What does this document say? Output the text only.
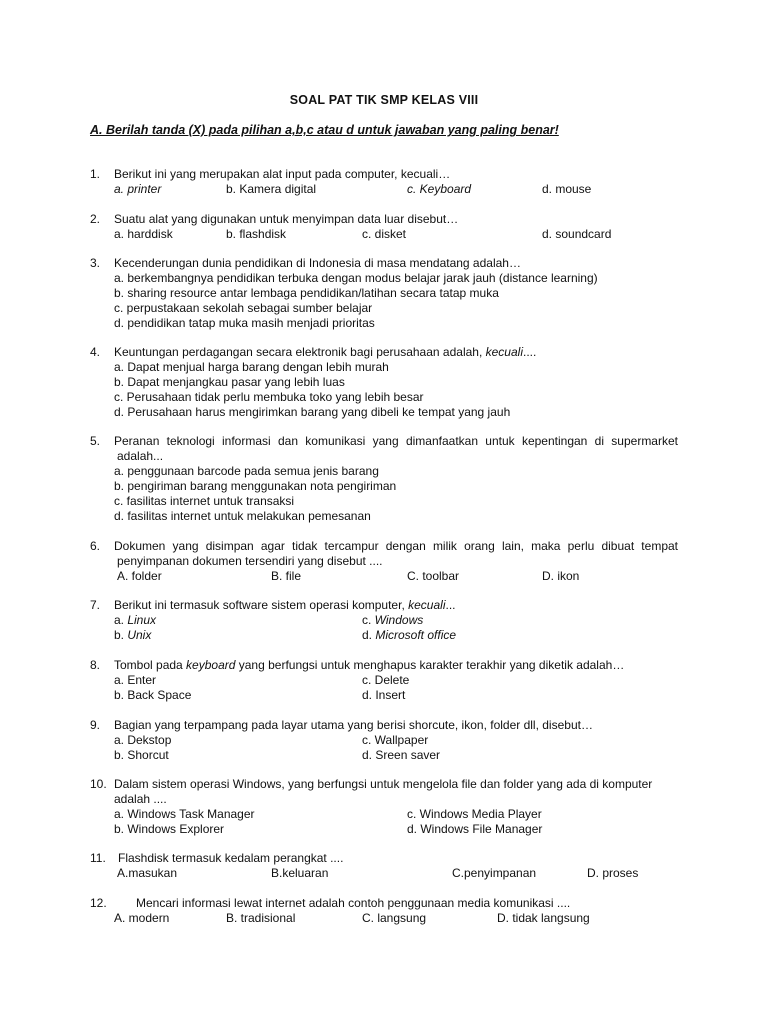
SOAL PAT TIK SMP KELAS VIII
A. Berilah tanda (X) pada pilihan a,b,c atau d untuk jawaban yang paling benar!
1. Berikut ini yang merupakan alat input pada computer, kecuali…
a. printer	b. Kamera digital	c. Keyboard	d. mouse
2. Suatu alat yang digunakan untuk menyimpan data luar disebut…
a. harddisk	b. flashdisk	c. disket	d. soundcard
3. Kecenderungan dunia pendidikan di Indonesia di masa mendatang adalah…
a. berkembangnya pendidikan terbuka dengan modus belajar jarak jauh (distance learning)
b. sharing resource antar lembaga pendidikan/latihan secara tatap muka
c. perpustakaan sekolah sebagai sumber belajar
d. pendidikan tatap muka masih menjadi prioritas
4. Keuntungan perdagangan secara elektronik bagi perusahaan adalah, kecuali....
a. Dapat menjual harga barang dengan lebih murah
b. Dapat menjangkau pasar yang lebih luas
c. Perusahaan tidak perlu membuka toko yang lebih besar
d. Perusahaan harus mengirimkan barang yang dibeli ke tempat yang jauh
5. Peranan teknologi informasi dan komunikasi yang dimanfaatkan untuk kepentingan di supermarket
adalah...
a. penggunaan barcode pada semua jenis barang
b. pengiriman barang menggunakan nota pengiriman
c. fasilitas internet untuk transaksi
d. fasilitas internet untuk melakukan pemesanan
6. Dokumen yang disimpan agar tidak tercampur dengan milik orang lain, maka perlu dibuat tempat
penyimpanan dokumen tersendiri yang disebut ....
A. folder	B. file	C. toolbar	D. ikon
7. Berikut ini termasuk software sistem operasi komputer, kecuali...
a. Linux	c. Windows
b. Unix	d. Microsoft office
8. Tombol pada keyboard yang berfungsi untuk menghapus karakter terakhir yang diketik adalah…
a. Enter	c. Delete
b. Back Space	d. Insert
9. Bagian yang terpampang pada layar utama yang berisi shorcute, ikon, folder dll, disebut…
a. Dekstop	c. Wallpaper
b. Shorcut	d. Sreen saver
10. Dalam sistem operasi Windows, yang berfungsi untuk mengelola file dan folder yang ada di komputer
adalah ....
a. Windows Task Manager	c. Windows Media Player
b. Windows Explorer	d. Windows File Manager
11. Flashdisk termasuk kedalam perangkat ....
A.masukan	B.keluaran	C.penyimpanan	D. proses
12. Mencari informasi lewat internet adalah contoh penggunaan media komunikasi ....
A. modern	B. tradisional	C. langsung	D. tidak langsung
